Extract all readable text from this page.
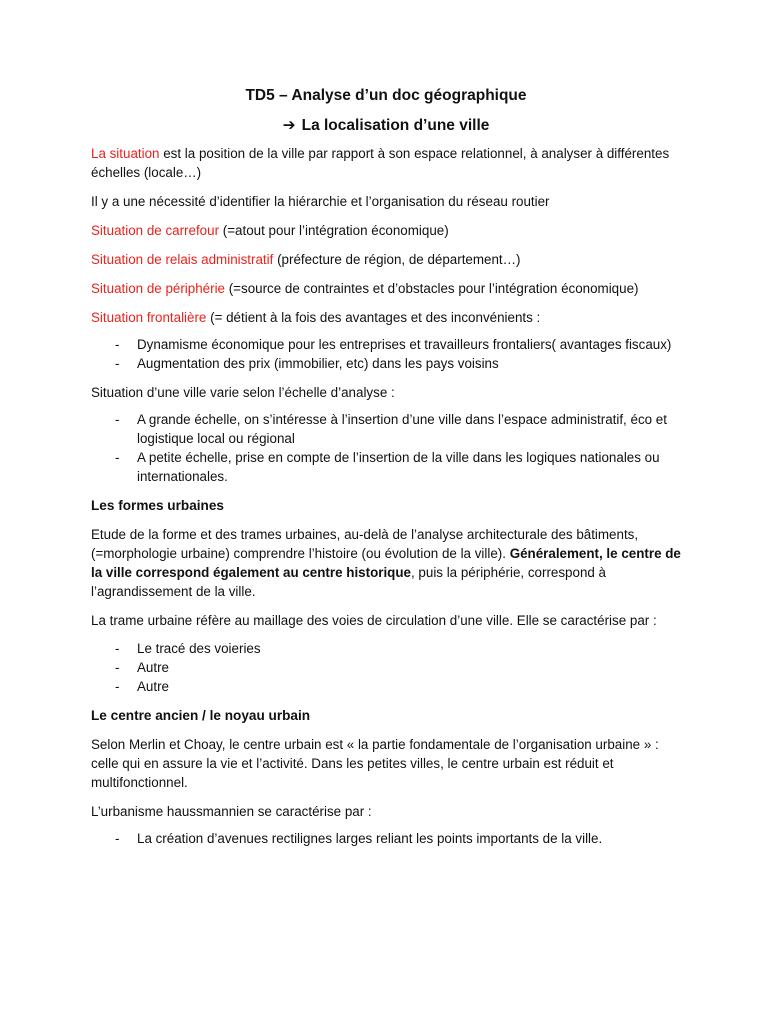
TD5 – Analyse d’un doc géographique
➔ La localisation d’une ville

La situation est la position de la ville par rapport à son espace relationnel, à analyser à différentes échelles (locale…)

Il y a une nécessité d’identifier la hiérarchie et l’organisation du réseau routier

Situation de carrefour (=atout pour l’intégration économique)

Situation de relais administratif (préfecture de région, de département…)

Situation de périphérie (=source de contraintes et d’obstacles pour l’intégration économique)

Situation frontalière (= détient à la fois des avantages et des inconvénients :

- Dynamisme économique pour les entreprises et travailleurs frontaliers( avantages fiscaux)
- Augmentation des prix (immobilier, etc) dans les pays voisins

Situation d’une ville varie selon l’échelle d’analyse :

- A grande échelle, on s’intéresse à l’insertion d’une ville dans l’espace administratif, éco et logistique local ou régional
- A petite échelle, prise en compte de l’insertion de la ville dans les logiques nationales ou internationales.
Les formes urbaines

Etude de la forme et des trames urbaines, au-delà de l’analyse architecturale des bâtiments, (=morphologie urbaine) comprendre l’histoire (ou évolution de la ville). Généralement, le centre de la ville correspond également au centre historique, puis la périphérie, correspond à l’agrandissement de la ville.

La trame urbaine réfère au maillage des voies de circulation d’une ville. Elle se caractérise par :

- Le tracé des voieries
- Autre
- Autre
Le centre ancien / le noyau urbain

Selon Merlin et Choay, le centre urbain est « la partie fondamentale de l’organisation urbaine » : celle qui en assure la vie et l’activité. Dans les petites villes, le centre urbain est réduit et multifonctionnel.

L’urbanisme haussmannien se caractérise par :

- La création d’avenues rectilignes larges reliant les points importants de la ville.
